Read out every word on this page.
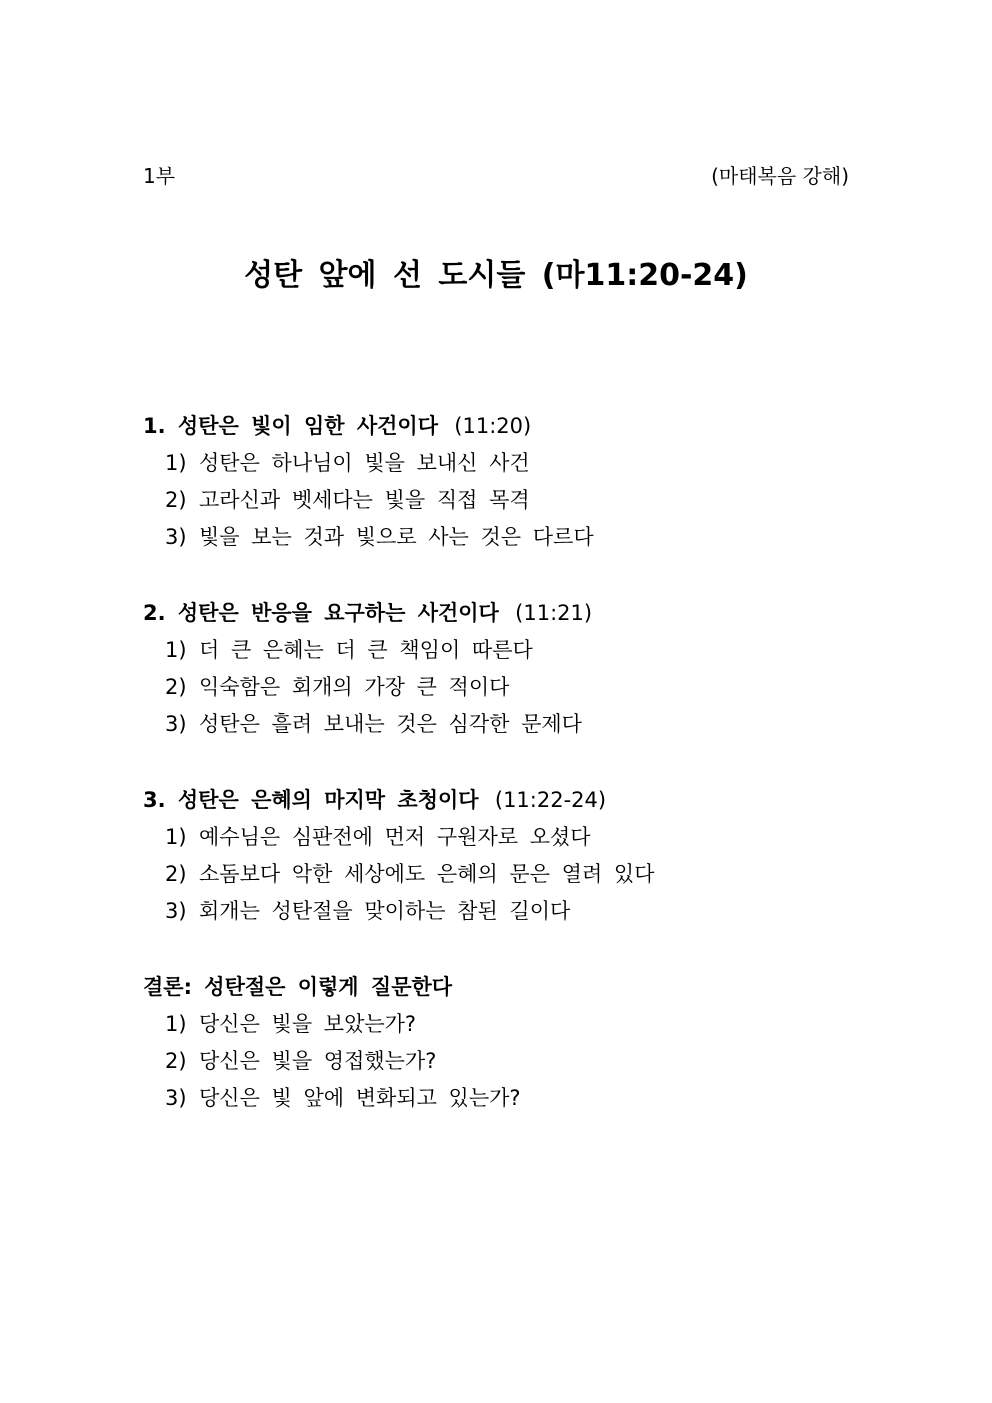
1부	(마태복음 강해)
성탄 앞에 선 도시들 (마11:20-24)
1. 성탄은 빛이 임한 사건이다 (11:20)
1) 성탄은 하나님이 빛을 보내신 사건
2) 고라신과 벳세다는 빛을 직접 목격
3) 빛을 보는 것과 빛으로 사는 것은 다르다
2. 성탄은 반응을 요구하는 사건이다 (11:21)
1) 더 큰 은혜는 더 큰 책임이 따른다
2) 익숙함은 회개의 가장 큰 적이다
3) 성탄은 흘려 보내는 것은 심각한 문제다
3. 성탄은 은혜의 마지막 초청이다 (11:22-24)
1) 예수님은 심판전에 먼저 구원자로 오셨다
2) 소돔보다 악한 세상에도 은혜의 문은 열려 있다
3) 회개는 성탄절을 맞이하는 참된 길이다
결론: 성탄절은 이렇게 질문한다
1) 당신은 빛을 보았는가?
2) 당신은 빛을 영접했는가?
3) 당신은 빛 앞에 변화되고 있는가?
